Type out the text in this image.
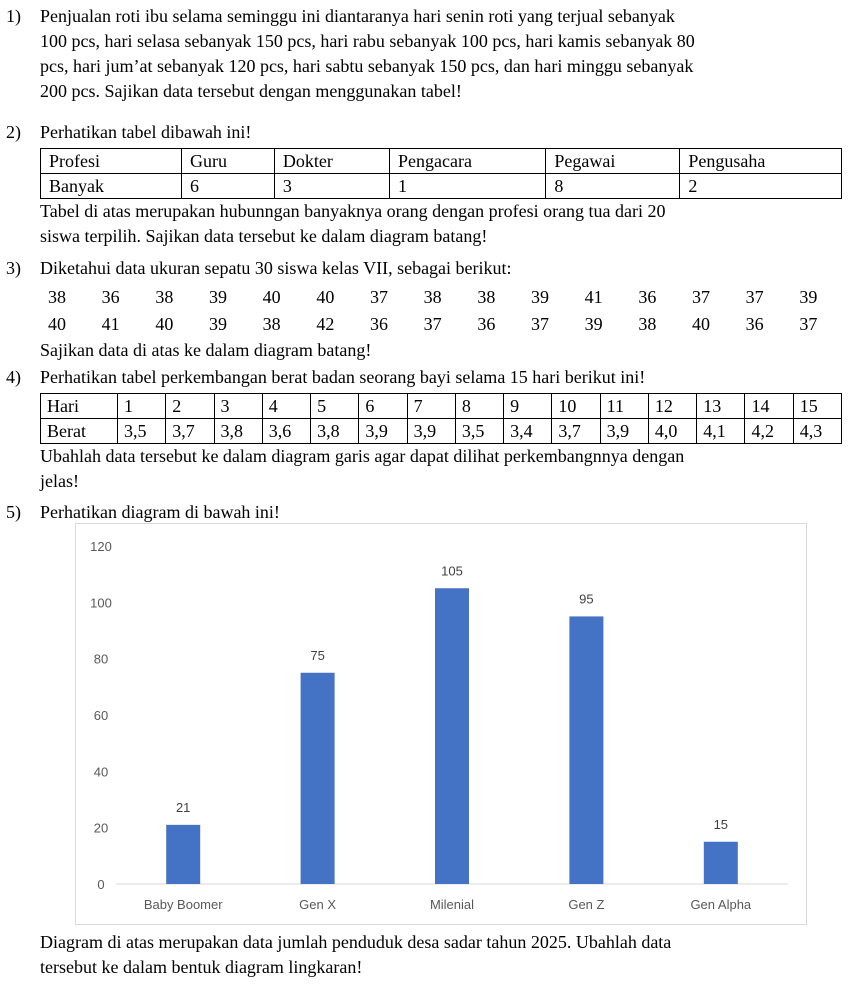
1)	Penjualan roti ibu selama seminggu ini diantaranya hari senin roti yang terjual sebanyak

100 pcs, hari selasa sebanyak 150 pcs, hari rabu sebanyak 100 pcs, hari kamis sebanyak 80

pcs, hari jum’at sebanyak 120 pcs, hari sabtu sebanyak 150 pcs, dan hari minggu sebanyak

200 pcs. Sajikan data tersebut dengan menggunakan tabel!

2)	Perhatikan tabel dibawah ini!

Profesi	Guru	Dokter	Pengacara	Pegawai	Pengusaha
Banyak	6	3	1	8	2

Tabel di atas merupakan hubunngan banyaknya orang dengan profesi orang tua dari 20

siswa terpilih. Sajikan data tersebut ke dalam diagram batang!

3)	Diketahui data ukuran sepatu 30 siswa kelas VII, sebagai berikut:

38	36	38	39	40	40	37	38	38	39	41	36	37	37	39
40	41	40	39	38	42	36	37	36	37	39	38	40	36	37

Sajikan data di atas ke dalam diagram batang!

4)	Perhatikan tabel perkembangan berat badan seorang bayi selama 15 hari berikut ini!

Hari	1	2	3	4	5	6	7	8	9	10	11	12	13	14	15
Berat	3,5	3,7	3,8	3,6	3,8	3,9	3,9	3,5	3,4	3,7	3,9	4,0	4,1	4,2	4,3

Ubahlah data tersebut ke dalam diagram garis agar dapat dilihat perkembangnnya dengan

jelas!

5)	Perhatikan diagram di bawah ini!

0
20
40
60
80
100
120
21
Baby Boomer
75
Gen X
105
Milenial
95
Gen Z
15
Gen Alpha

Diagram di atas merupakan data jumlah penduduk desa sadar tahun 2025. Ubahlah data

tersebut ke dalam bentuk diagram lingkaran!
